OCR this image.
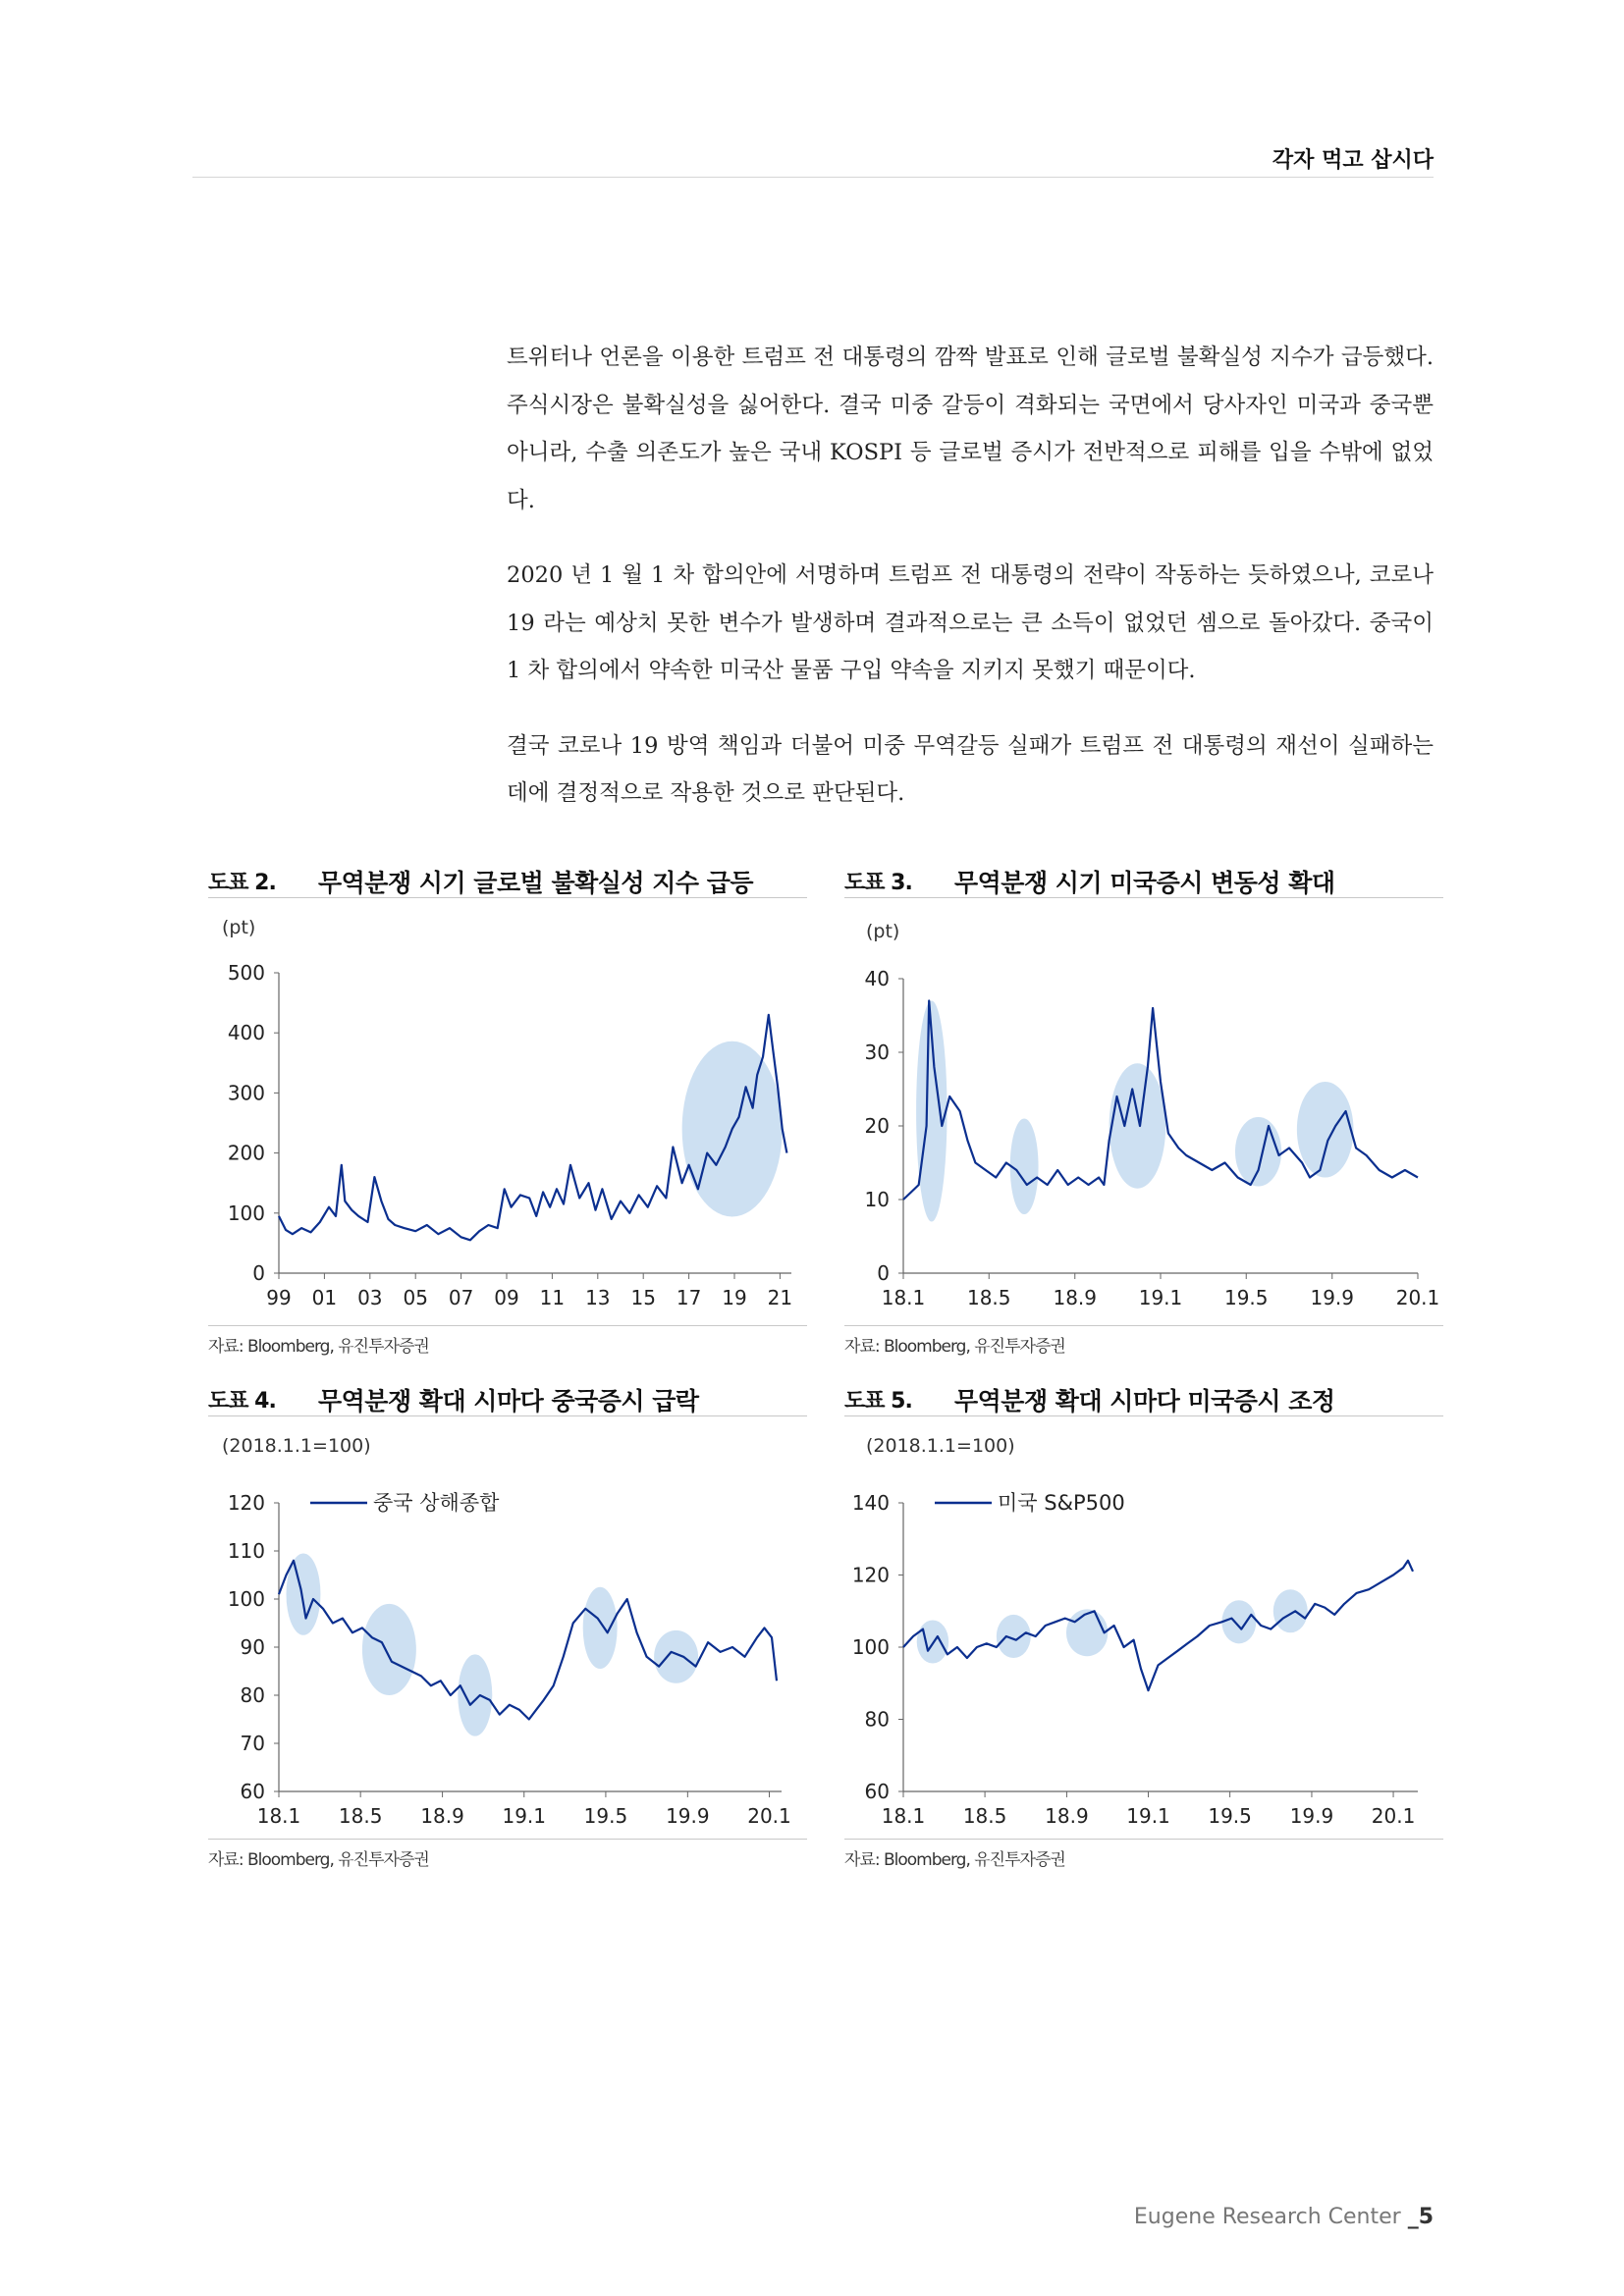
각자 먹고 삽시다

트위터나 언론을 이용한 트럼프 전 대통령의 깜짝 발표로 인해 글로벌 불확실성 지수가 급등했다. 주식시장은 불확실성을 싫어한다. 결국 미중 갈등이 격화되는 국면에서 당사자인 미국과 중국뿐 아니라, 수출 의존도가 높은 국내 KOSPI 등 글로벌 증시가 전반적으로 피해를 입을 수밖에 없었다.

2020 년 1 월 1 차 합의안에 서명하며 트럼프 전 대통령의 전략이 작동하는 듯하였으나, 코로나 19 라는 예상치 못한 변수가 발생하며 결과적으로는 큰 소득이 없었던 셈으로 돌아갔다. 중국이 1 차 합의에서 약속한 미국산 물품 구입 약속을 지키지 못했기 때문이다.

결국 코로나 19 방역 책임과 더불어 미중 무역갈등 실패가 트럼프 전 대통령의 재선이 실패하는 데에 결정적으로 작용한 것으로 판단된다.

도표 2. 무역분쟁 시기 글로벌 불확실성 지수 급등
(pt)
0
100
200
300
400
500
99 01 03 05 07 09 11 13 15 17 19 21
자료: Bloomberg, 유진투자증권
도표 3. 무역분쟁 시기 미국증시 변동성 확대
(pt)
0
10
20
30
40
18.1 18.5 18.9 19.1 19.5 19.9 20.1
자료: Bloomberg, 유진투자증권
도표 4. 무역분쟁 확대 시마다 중국증시 급락
(2018.1.1=100)
60
70
80
90
100
110
120
18.1 18.5 18.9 19.1 19.5 19.9 20.1
중국 상해종합
자료: Bloomberg, 유진투자증권
도표 5. 무역분쟁 확대 시마다 미국증시 조정
(2018.1.1=100)
60
80
100
120
140
18.1 18.5 18.9 19.1 19.5 19.9 20.1
미국 S&P500
자료: Bloomberg, 유진투자증권
Eugene Research Center _5
